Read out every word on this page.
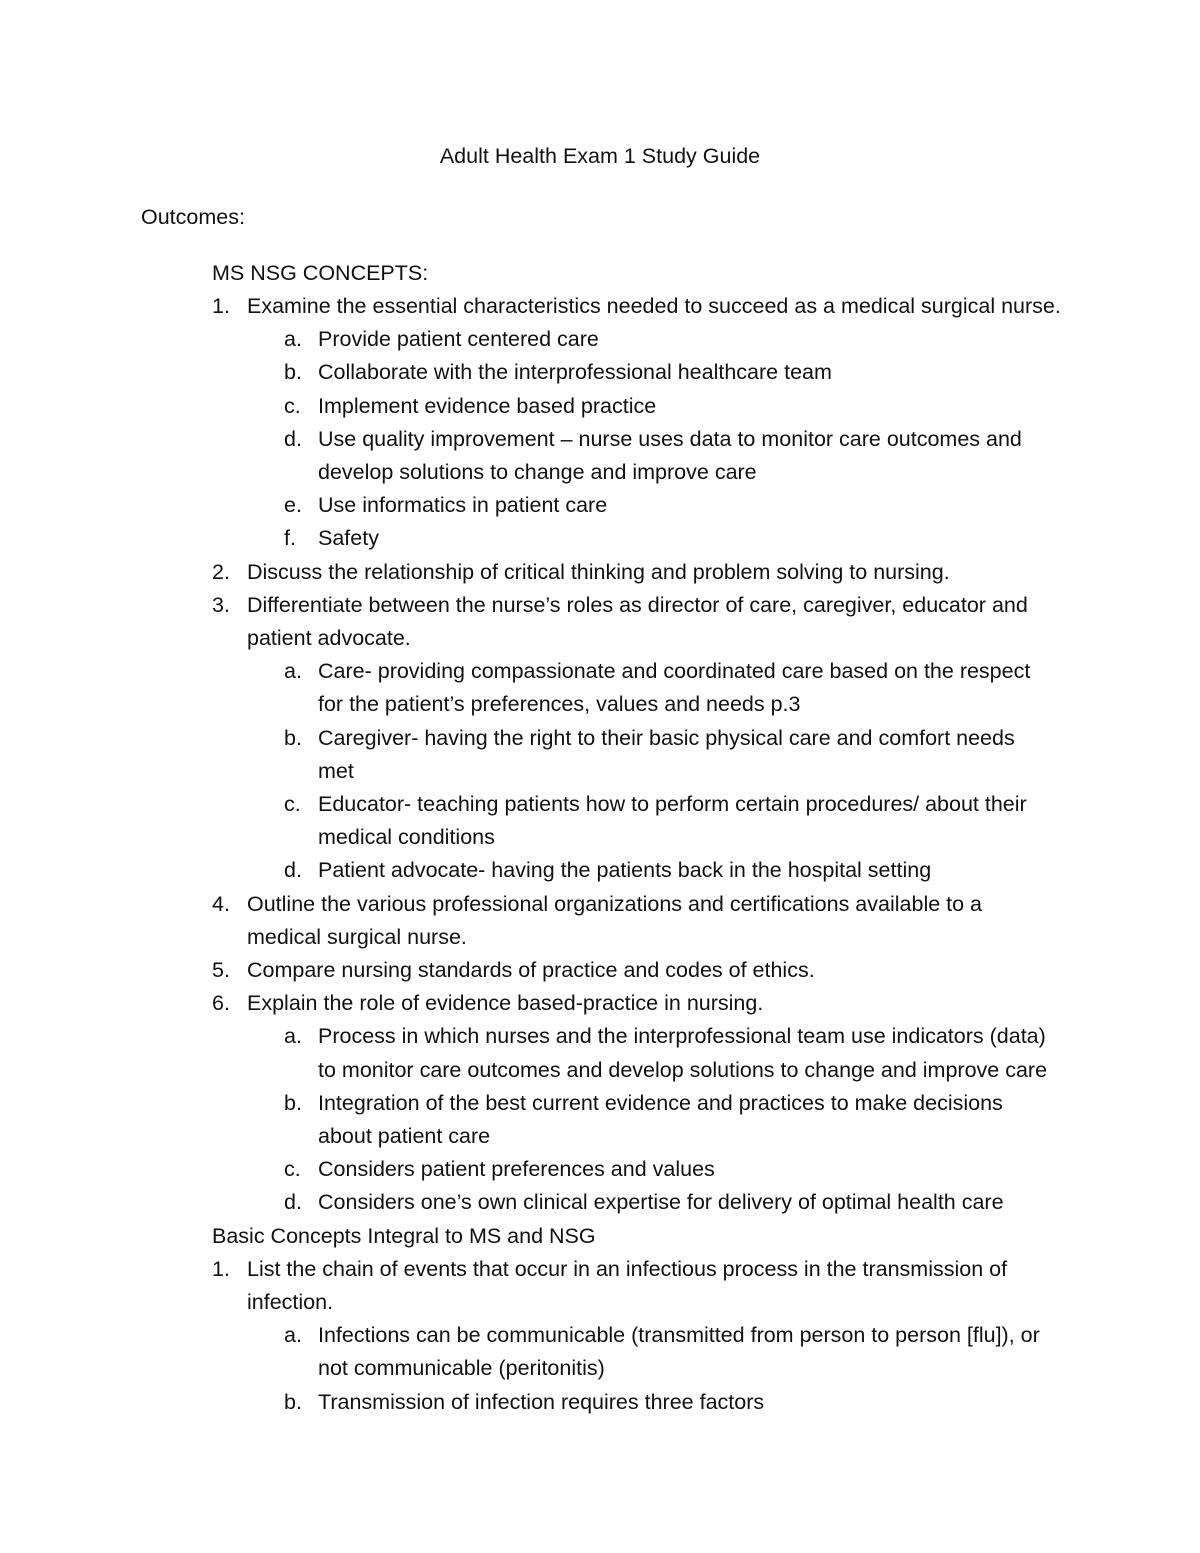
Adult Health Exam 1 Study Guide
Outcomes:
MS NSG CONCEPTS:
1. Examine the essential characteristics needed to succeed as a medical surgical nurse.
a. Provide patient centered care
b. Collaborate with the interprofessional healthcare team
c. Implement evidence based practice
d. Use quality improvement – nurse uses data to monitor care outcomes and
develop solutions to change and improve care
e. Use informatics in patient care
f. Safety
2. Discuss the relationship of critical thinking and problem solving to nursing.
3. Differentiate between the nurse’s roles as director of care, caregiver, educator and
patient advocate.
a. Care- providing compassionate and coordinated care based on the respect
for the patient’s preferences, values and needs p.3
b. Caregiver- having the right to their basic physical care and comfort needs
met
c. Educator- teaching patients how to perform certain procedures/ about their
medical conditions
d. Patient advocate- having the patients back in the hospital setting
4. Outline the various professional organizations and certifications available to a
medical surgical nurse.
5. Compare nursing standards of practice and codes of ethics.
6. Explain the role of evidence based-practice in nursing.
a. Process in which nurses and the interprofessional team use indicators (data)
to monitor care outcomes and develop solutions to change and improve care
b. Integration of the best current evidence and practices to make decisions
about patient care
c. Considers patient preferences and values
d. Considers one’s own clinical expertise for delivery of optimal health care
Basic Concepts Integral to MS and NSG
1. List the chain of events that occur in an infectious process in the transmission of
infection.
a. Infections can be communicable (transmitted from person to person [flu]), or
not communicable (peritonitis)
b. Transmission of infection requires three factors
